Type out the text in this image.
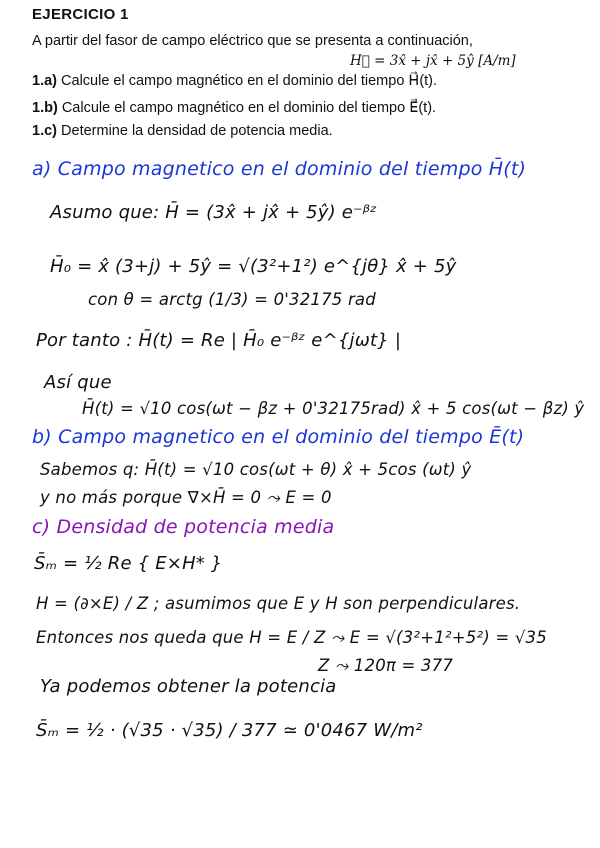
EJERCICIO 1
A partir del fasor de campo eléctrico que se presenta a continuación,
H⃗ = 3x̂ + jx̂ + 5ŷ [A/m]
1.a) Calcule el campo magnético en el dominio del tiempo H⃗(t).
1.b) Calcule el campo magnético en el dominio del tiempo E⃗(t).
1.c) Determine la densidad de potencia media.
a) Campo magnetico en el dominio del tiempo H̄(t)
Asumo que: H̄ = (3x̂ + jx̂ + 5ŷ) e⁻ᵝᶻ
H̄₀ = x̂ (3+j) + 5ŷ = √(3²+1²) e^{jθ} x̂ + 5ŷ
con θ = arctg (1/3) = 0'32175 rad
Por tanto : H̄(t) = Re | H̄₀ e⁻ᵝᶻ e^{jωt} |
Así que
H̄(t) = √10 cos(ωt − βz + 0'32175rad) x̂ + 5 cos(ωt − βz) ŷ
b) Campo magnetico en el dominio del tiempo Ē(t)
Sabemos q: H̄(t) = √10 cos(ωt + θ) x̂ + 5cos (ωt) ŷ
y no más porque ∇×H̄ = 0 ⤳ E = 0
c) Densidad de potencia media
S̄ₘ = ½ Re { E×H* }
H = (∂×E) / Z ; asumimos que E y H son perpendiculares.
Entonces nos queda que H = E / Z ⤳ E = √(3²+1²+5²) = √35
Z ⤳ 120π = 377
Ya podemos obtener la potencia
S̄ₘ = ½ · (√35 · √35) / 377 ≃ 0'0467 W/m²
